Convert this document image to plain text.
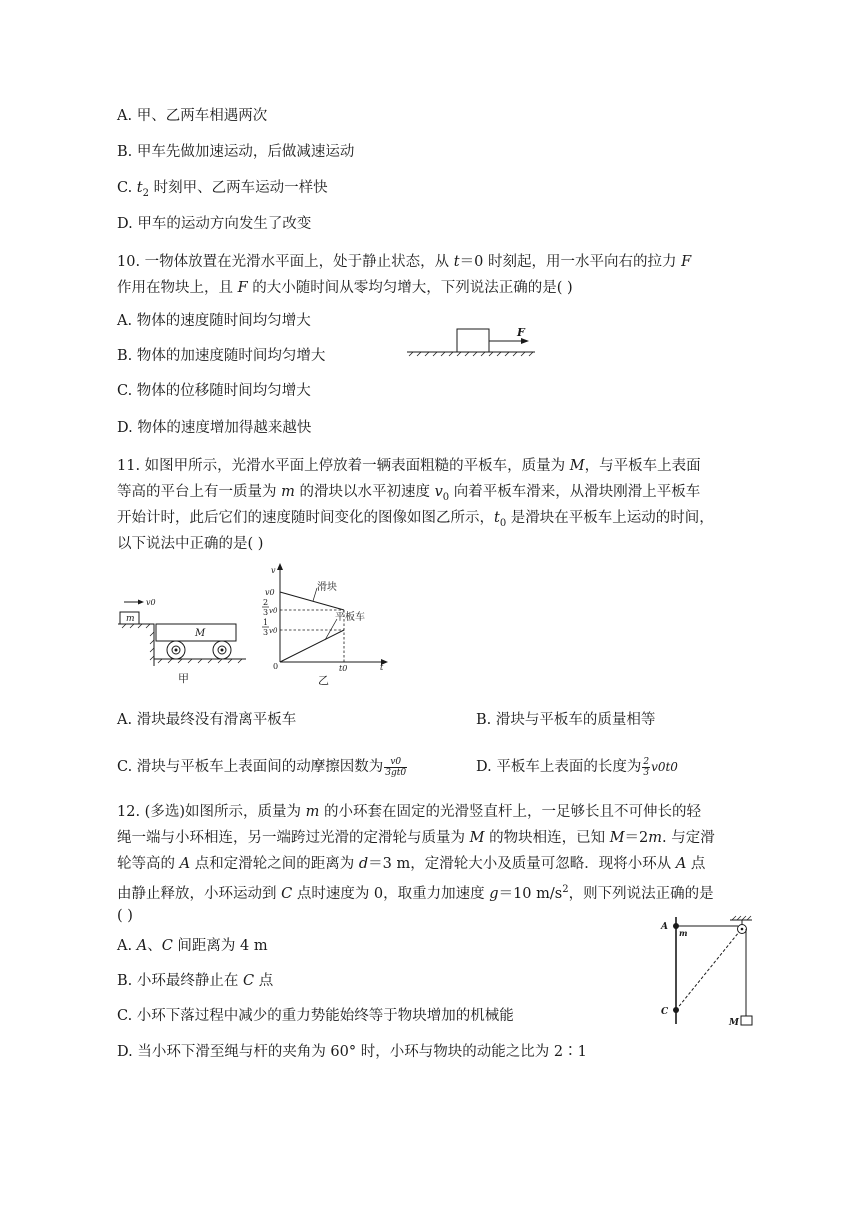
A. 甲、乙两车相遇两次
B. 甲车先做加速运动，后做减速运动
C. $t_2$ 时刻甲、乙两车运动一样快
D. 甲车的运动方向发生了改变
10. 一物体放置在光滑水平面上，处于静止状态，从 t＝0 时刻起，用一水平向右的拉力 F
作用在物块上，且 F 的大小随时间从零均匀增大，下列说法正确的是( )
A. 物体的速度随时间均匀增大
B. 物体的加速度随时间均匀增大
C. 物体的位移随时间均匀增大
D. 物体的速度增加得越来越快
F
11. 如图甲所示，光滑水平面上停放着一辆表面粗糙的平板车，质量为 M，与平板车上表面
等高的平台上有一质量为 m 的滑块以水平初速度 $v_0$ 向着平板车滑来，从滑块刚滑上平板车
开始计时，此后它们的速度随时间变化的图像如图乙所示，$t_0$ 是滑块在平板车上运动的时间，
以下说法中正确的是( )
v0
m
M
甲
v
v0
2
3 v0
1
3 v0
0	t0	t
滑块
平板车
乙
A. 滑块最终没有滑离平板车	B. 滑块与平板车的质量相等
C. 滑块与平板车上表面间的动摩擦因数为 $\frac{v0}{3gt0}$	D. 平板车上表面的长度为 $\frac{2}{3} v0t0$
12. (多选)如图所示，质量为 m 的小环套在固定的光滑竖直杆上，一足够长且不可伸长的轻
绳一端与小环相连，另一端跨过光滑的定滑轮与质量为 M 的物块相连，已知 M＝2m. 与定滑
轮等高的 A 点和定滑轮之间的距离为 d＝3 m，定滑轮大小及质量可忽略．现将小环从 A 点
由静止释放，小环运动到 C 点时速度为 0，取重力加速度 g＝10 $m/s^2$，则下列说法正确的是
( )
A. A、C 间距离为 4 m
B. 小环最终静止在 C 点
C. 小环下落过程中减少的重力势能始终等于物块增加的机械能
D. 当小环下滑至绳与杆的夹角为 60° 时，小环与物块的动能之比为 2∶1
A
m
C
M
